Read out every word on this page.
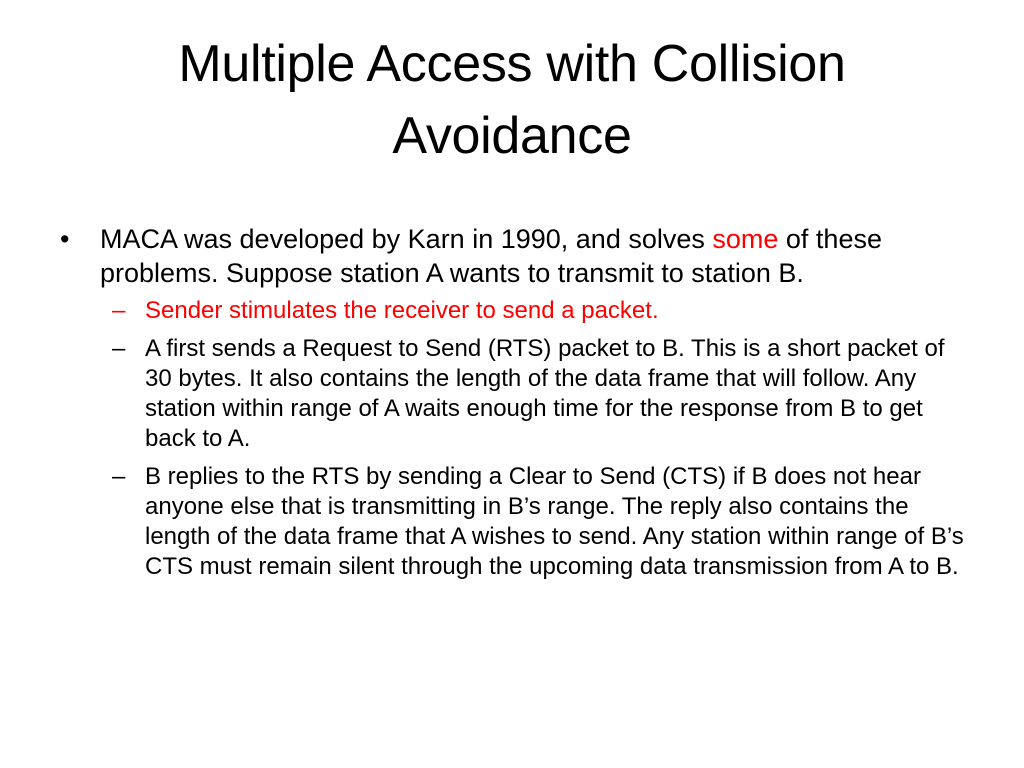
Multiple Access with Collision
Avoidance

•	MACA was developed by Karn in 1990, and solves some of these problems. Suppose station A wants to transmit to station B.

– Sender stimulates the receiver to send a packet.
– A first sends a Request to Send (RTS) packet to B. This is a short packet of 30 bytes. It also contains the length of the data frame that will follow. Any station within range of A waits enough time for the response from B to get back to A.
– B replies to the RTS by sending a Clear to Send (CTS) if B does not hear anyone else that is transmitting in B’s range. The reply also contains the length of the data frame that A wishes to send. Any station within range of B’s CTS must remain silent through the upcoming data transmission from A to B.
